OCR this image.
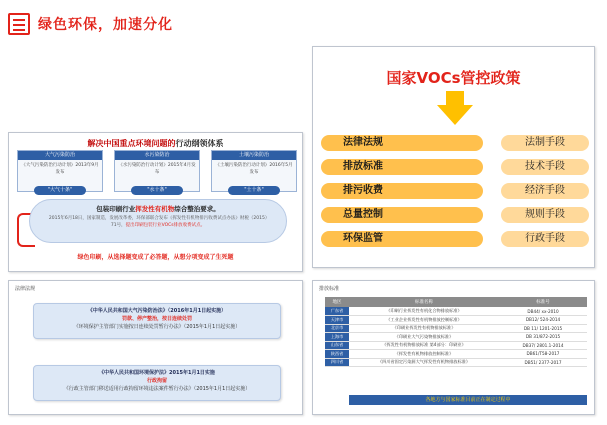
绿色环保，加速分化
解决中国重点环境问题的行动纲领体系
大气污染防治
《大气污染防治行动计划》2013年9月发布
"大气十条"
水污染防治
《水污染防治行动计划》2015年4月发布
"水十条"
土壤污染防治
《土壤污染防治行动计划》2016年5月发布
"土十条"
包装印刷行业挥发性有机物综合整治要求。
2015年6月18日，国家制造，发展改革委，环保部联合发布《挥发性有机物排污收费试点办法》财税（2015）71号，提出印刷包装行业VOCs排放收费试点。
绿色印刷，从选择题变成了必答题，从想分项变成了生死题
国家VOCs管控政策
法律法规	法制手段
排放标准	技术手段
排污收费	经济手段
总量控制	规则手段
环保监管	行政手段
法律法规
《中华人民共和国大气污染防治法》（2016年1月1日起实施）
罚款、停产整治，按日连续处罚
《环境保护主管部门实施按日连续处罚暂行办法》（2015年1月1日起实施）
《中华人民共和国环境保护法》2015年1月1日实施
行政拘留
《行政主管部门移送适用行政拘留环境违法案件暂行办法》（2015年1月1日起实施）
排放标准
地区	标准名称	标准号
广东省	《印刷行业挥发性有机化合物排放标准》	DB44/ xx-2010
天津市	《工业企业挥发性有机物排放控制标准》	DB12/ 524-2014
北京市	《印刷业挥发性有机物排放标准》	DB 11/ 1201-2015
上海市	《印刷业大气污染物排放标准》	DB 31/872-2015
山东省	《挥发性有机物排放标准 第4部分：印刷业》	DB37/ 2801.1-2014
陕西省	《挥发性有机物排放控制标准》	DB61/T58-2017
四川省	《四川省固定污染源大气挥发性有机物排放标准》	DB51/ 2377-2017
各地方与国家标准目前正在制定过程中
